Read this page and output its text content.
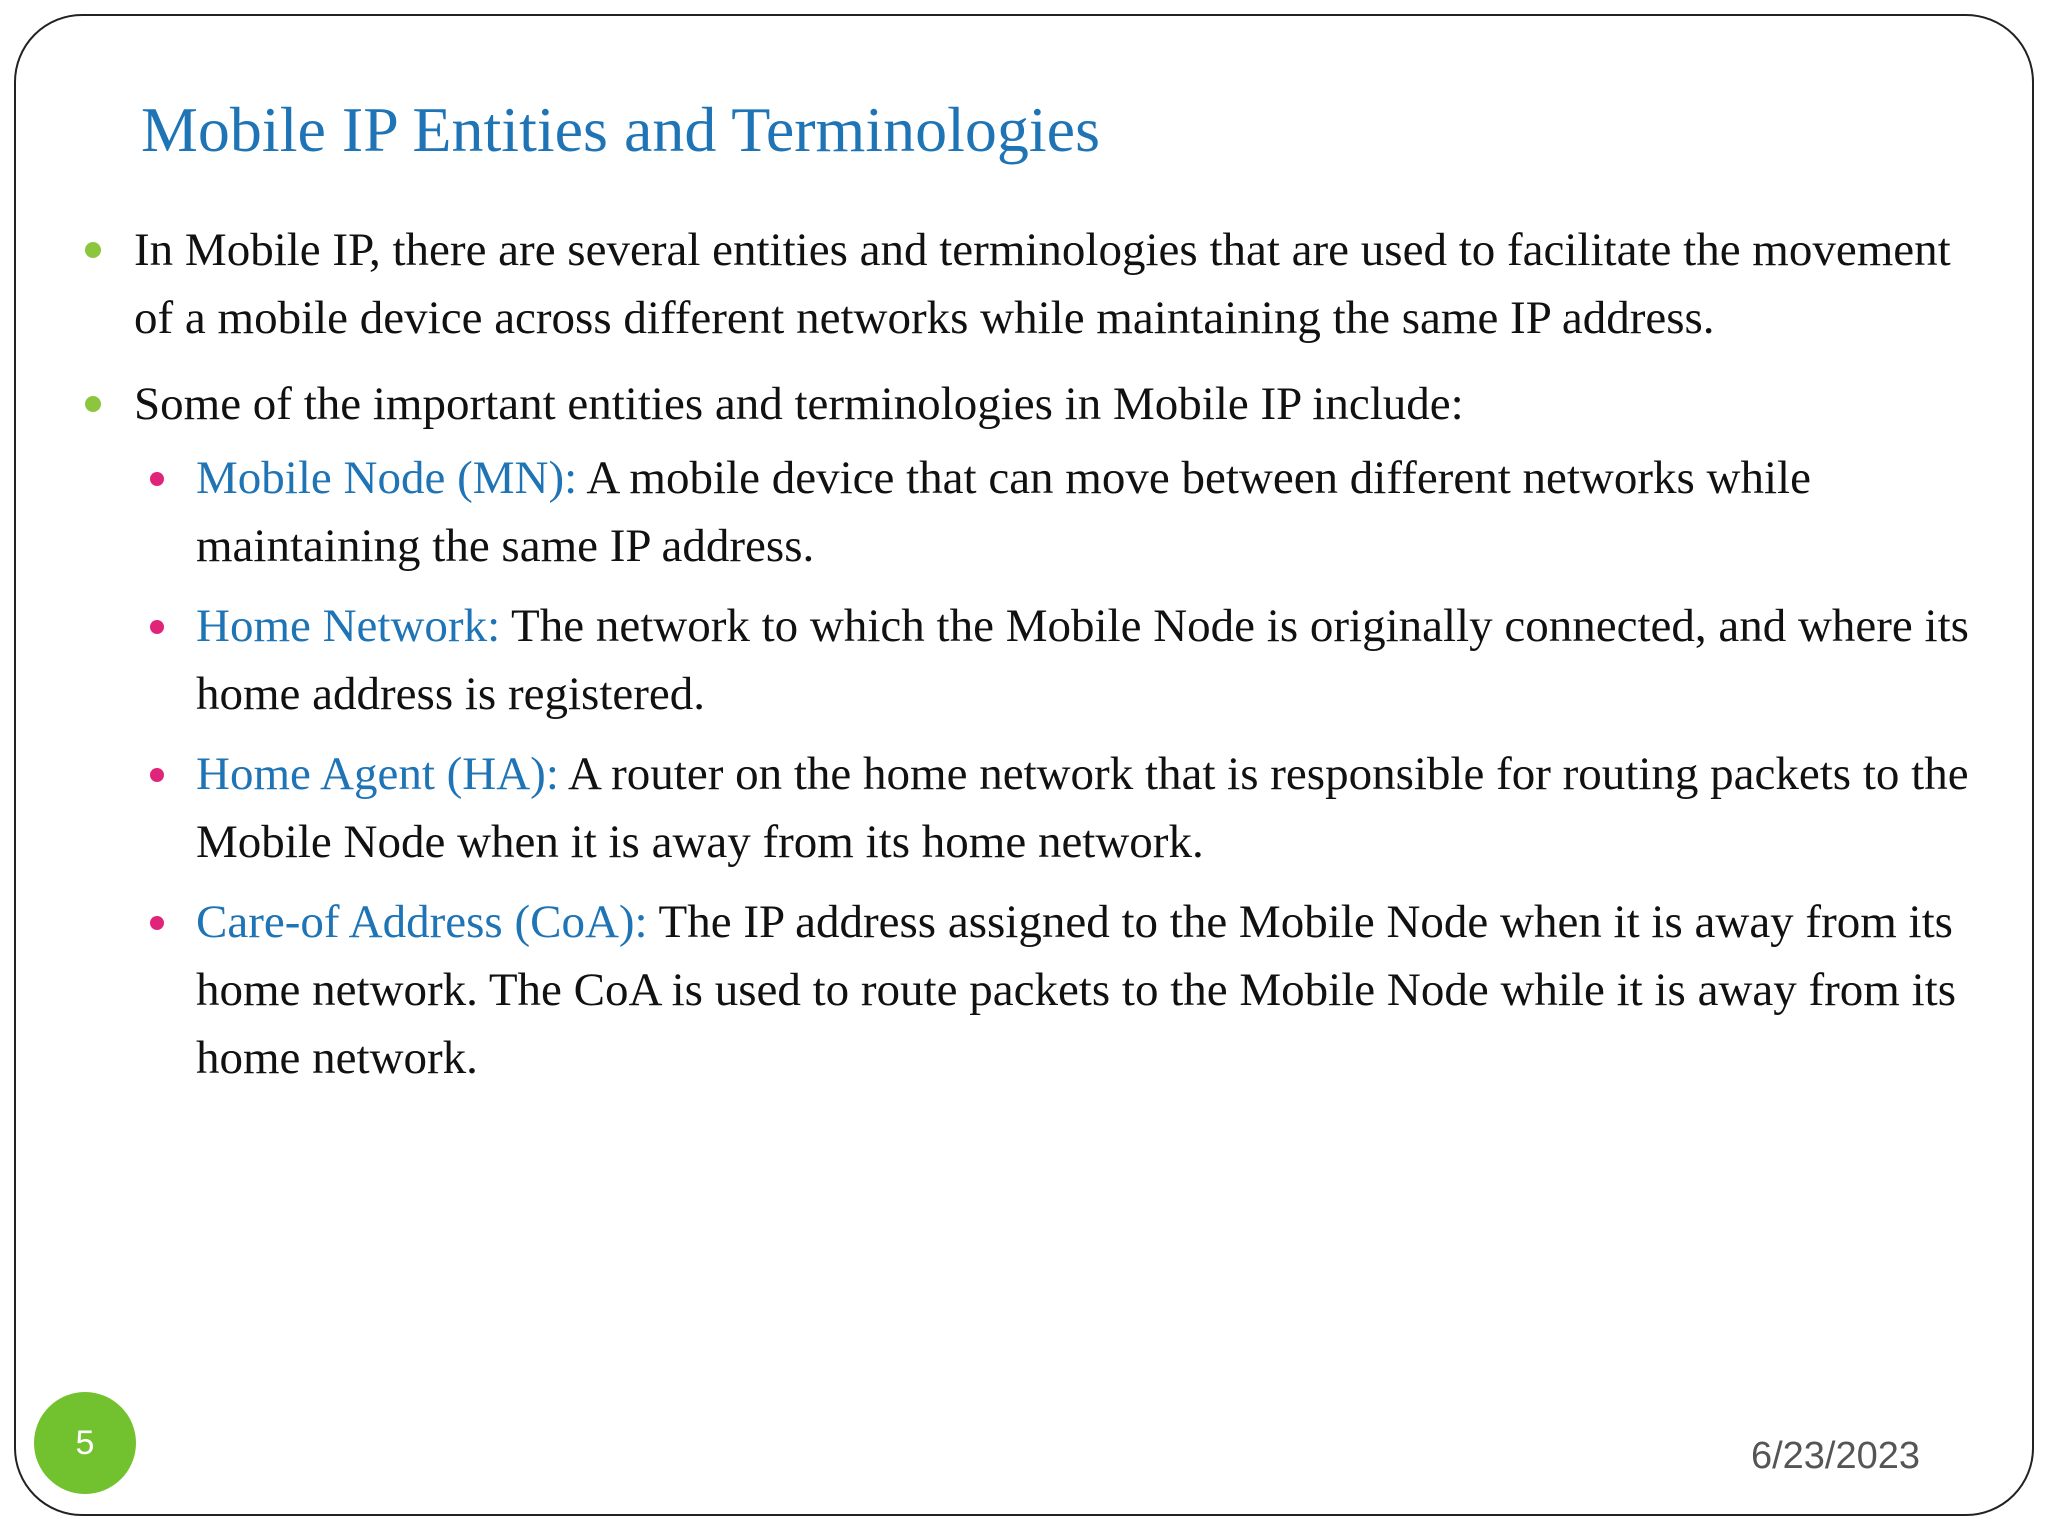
Mobile IP Entities and Terminologies
In Mobile IP, there are several entities and terminologies that are used to facilitate the movement of a mobile device across different networks while maintaining the same IP address.
Some of the important entities and terminologies in Mobile IP include:
Mobile Node (MN): A mobile device that can move between different networks while maintaining the same IP address.
Home Network: The network to which the Mobile Node is originally connected, and where its home address is registered.
Home Agent (HA): A router on the home network that is responsible for routing packets to the Mobile Node when it is away from its home network.
Care-of Address (CoA): The IP address assigned to the Mobile Node when it is away from its home network. The CoA is used to route packets to the Mobile Node while it is away from its home network.
5	6/23/2023
